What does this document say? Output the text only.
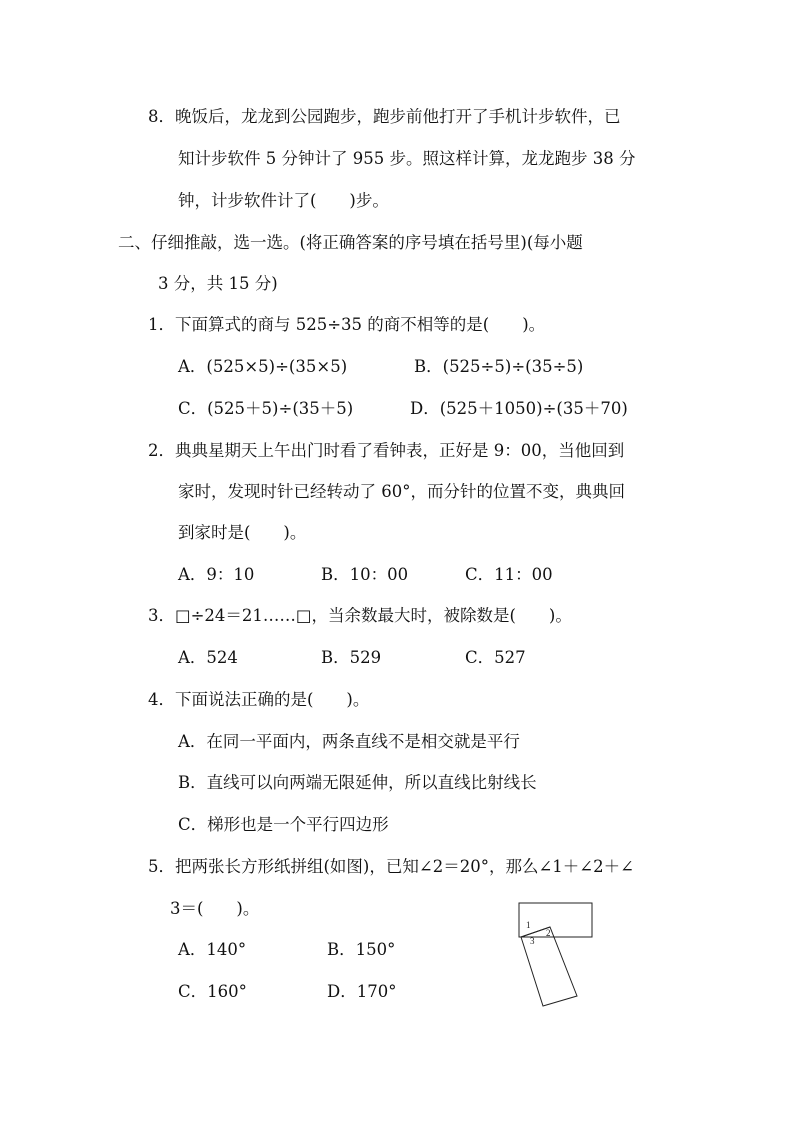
8．晚饭后，龙龙到公园跑步，跑步前他打开了手机计步软件，已
知计步软件 5 分钟计了 955 步。照这样计算，龙龙跑步 38 分
钟，计步软件计了(　　)步。
二、仔细推敲，选一选。(将正确答案的序号填在括号里)(每小题
3 分，共 15 分)
1．下面算式的商与 525÷35 的商不相等的是(　　)。
A．(525×5)÷(35×5)	B．(525÷5)÷(35÷5)
C．(525＋5)÷(35＋5)	D．(525＋1050)÷(35＋70)
2．典典星期天上午出门时看了看钟表，正好是 9：00，当他回到
家时，发现时针已经转动了 60°，而分针的位置不变，典典回
到家时是(　　)。
A．9：10	B．10：00	C．11：00
3．□÷24＝21……□，当余数最大时，被除数是(　　)。
A．524	B．529	C．527
4．下面说法正确的是(　　)。
A．在同一平面内，两条直线不是相交就是平行
B．直线可以向两端无限延伸，所以直线比射线长
C．梯形也是一个平行四边形
5．把两张长方形纸拼组(如图)，已知∠2＝20°，那么∠1＋∠2＋∠
3＝(　　)。
A．140°	B．150°
C．160°	D．170°
1
2
3
